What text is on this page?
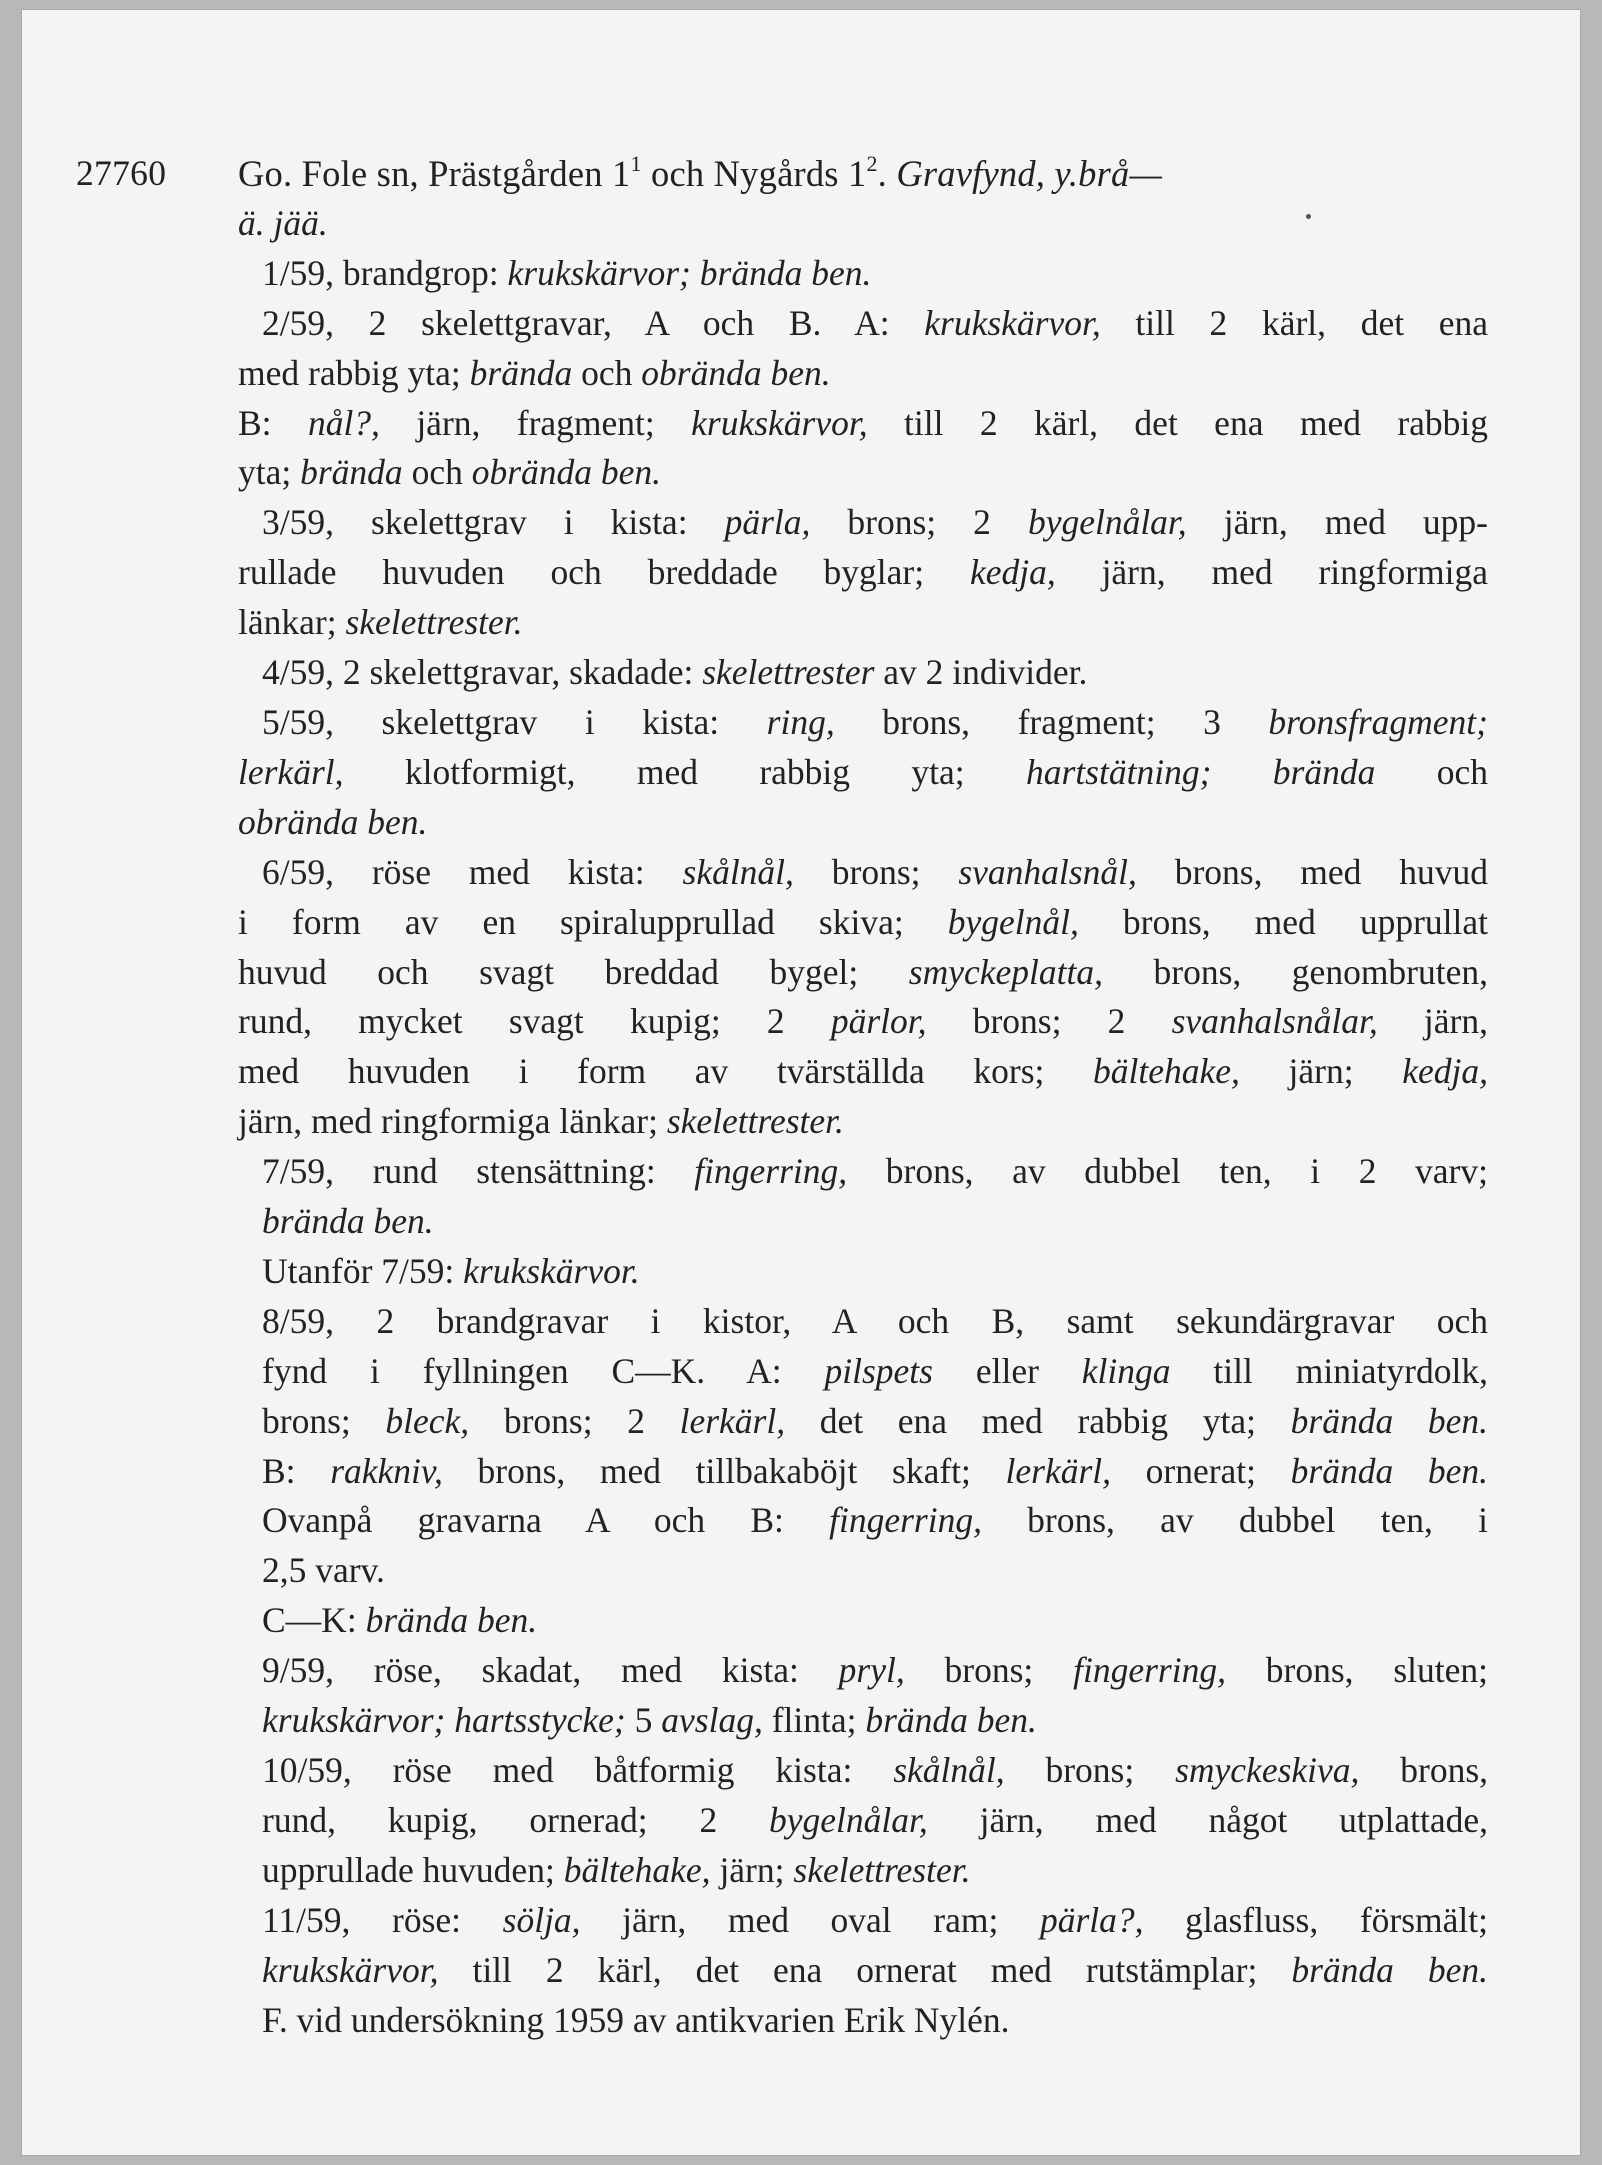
27760 Go. Fole sn, Prästgården $1^1$ och Nygårds $1^2$. Gravfynd, y.brå—
ä. jää.
1/59, brandgrop: krukskärvor; brända ben.
2/59, 2 skelettgravar, A och B. A: krukskärvor, till 2 kärl, det ena
med rabbig yta; brända och obrända ben.
B: nål?, järn, fragment; krukskärvor, till 2 kärl, det ena med rabbig
yta; brända och obrända ben.
3/59, skelettgrav i kista: pärla, brons; 2 bygelnålar, järn, med upp-
rullade huvuden och breddade byglar; kedja, järn, med ringformiga
länkar; skelettrester.
4/59, 2 skelettgravar, skadade: skelettrester av 2 individer.
5/59, skelettgrav i kista: ring, brons, fragment; 3 bronsfragment;
lerkärl, klotformigt, med rabbig yta; hartstätning; brända och
obrända ben.
6/59, röse med kista: skålnål, brons; svanhalsnål, brons, med huvud
i form av en spiralupprullad skiva; bygelnål, brons, med upprullat
huvud och svagt breddad bygel; smyckeplatta, brons, genombruten,
rund, mycket svagt kupig; 2 pärlor, brons; 2 svanhalsnålar, järn,
med huvuden i form av tvärställda kors; bältehake, järn; kedja,
järn, med ringformiga länkar; skelettrester.
7/59, rund stensättning: fingerring, brons, av dubbel ten, i 2 varv;
brända ben.
Utanför 7/59: krukskärvor.
8/59, 2 brandgravar i kistor, A och B, samt sekundärgravar och
fynd i fyllningen C—K. A: pilspets eller klinga till miniatyrdolk,
brons; bleck, brons; 2 lerkärl, det ena med rabbig yta; brända ben.
B: rakkniv, brons, med tillbakaböjt skaft; lerkärl, ornerat; brända ben.
Ovanpå gravarna A och B: fingerring, brons, av dubbel ten, i
2,5 varv.
C—K: brända ben.
9/59, röse, skadat, med kista: pryl, brons; fingerring, brons, sluten;
krukskärvor; hartsstycke; 5 avslag, flinta; brända ben.
10/59, röse med båtformig kista: skålnål, brons; smyckeskiva, brons,
rund, kupig, ornerad; 2 bygelnålar, järn, med något utplattade,
upprullade huvuden; bältehake, järn; skelettrester.
11/59, röse: sölja, järn, med oval ram; pärla?, glasfluss, försmält;
krukskärvor, till 2 kärl, det ena ornerat med rutstämplar; brända ben.
F. vid undersökning 1959 av antikvarien Erik Nylén.
